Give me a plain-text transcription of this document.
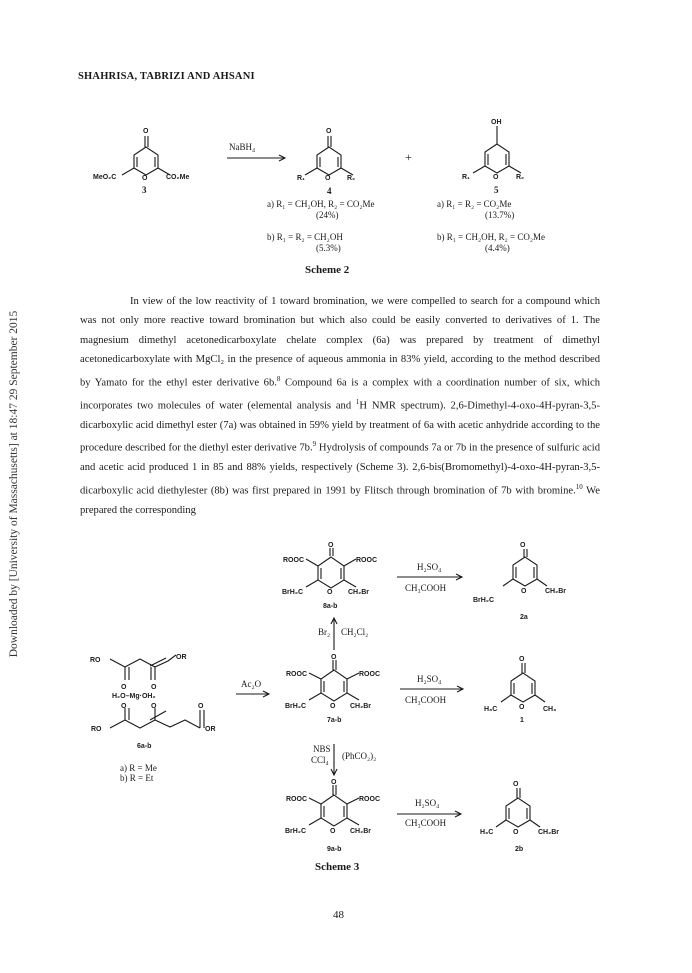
SHAHRISA, TABRIZI AND AHSANI
Downloaded by [University of Massachusetts] at 18:47 29 September 2015
O
O
MeO₂C	CO₂Me
3
NaBH₄
O
O
R₁	R₂
4
+
OH
O
R₁	R₂
5
a) R₁ = CH₂OH, R₂ = CO₂Me
(24%)
b) R₁ = R₂ = CH₂OH
(5.3%)
a) R₁ = R₂ = CO₂Me
(13.7%)
b) R₁ = CH₂OH, R₂ = CO₂Me
(4.4%)
Scheme 2

In view of the low reactivity of 1 toward bromination, we were compelled to search for a compound which was not only more reactive toward bromination but which also could be easily converted to derivatives of 1. The magnesium dimethyl acetonedicarboxylate chelate complex (6a) was prepared by treatment of dimethyl acetonedicarboxylate with MgCl₂ in the presence of aqueous ammonia in 83% yield, according to the method described by Yamato for the ethyl ester derivative 6b.$^8$ Compound 6a is a complex with a coordination number of six, which incorporates two molecules of water (elemental analysis and $^1$H NMR spectrum). 2,6-Dimethyl-4-oxo-4H-pyran-3,5-dicarboxylic acid dimethyl ester (7a) was obtained in 59% yield by treatment of 6a with acetic anhydride according to the procedure described for the diethyl ester derivative 7b.$^9$ Hydrolysis of compounds 7a or 7b in the presence of sulfuric acid and acetic acid produced 1 in 85 and 88% yields, respectively (Scheme 3). 2,6-bis(Bromomethyl)-4-oxo-4H-pyran-3,5-dicarboxylic acid diethylester (8b) was first prepared in 1991 by Flitsch through bromination of 7b with bromine.$^{10}$ We prepared the corresponding

O
ROOC	ROOC
BrH₂C	O CH₂Br
8a-b
H₂SO₄
CH₃COOH
O
BrH₂C
O	CH₂Br
2a
Br₂ CH₂Cl₂
O
ROOC	ROOC
BrH₂C	O CH₂Br
7a-b
H₂SO₄
CH₃COOH
O
H₃C	O	CH₃
1
Ac₂O
RO	OR
O	O
H₂O–Mg·OH₂
O	O	O
RO	OR
6a-b
a) R = Me
b) R = Et
NBS
CCl₄ (PhCO₂)₂
O
ROOC	ROOC
BrH₂C	O CH₂Br
9a-b
H₂SO₄
CH₃COOH
O
H₃C	O	CH₂Br
2b
Scheme 3
48
